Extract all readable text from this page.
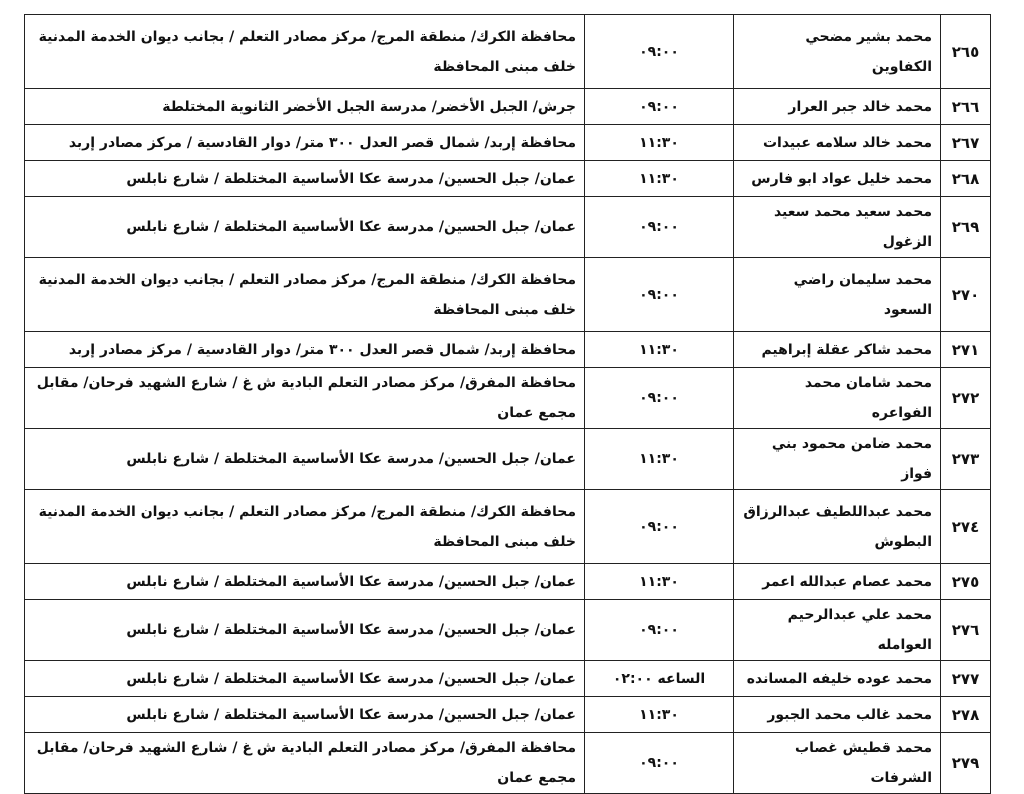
٢٦٥	محمد بشير مضحي الكفاوين	٠٩:٠٠	محافظة الكرك/ منطقة المرج/ مركز مصادر التعلم / بجانب ديوان الخدمة المدنية خلف مبنى المحافظة
٢٦٦	محمد خالد جبر العرار	٠٩:٠٠	جرش/ الجبل الأخضر/ مدرسة الجبل الأخضر الثانوية المختلطة
٢٦٧	محمد خالد سلامه عبيدات	١١:٣٠	محافظة إربد/ شمال قصر العدل ٣٠٠ متر/ دوار القادسية / مركز مصادر إربد
٢٦٨	محمد خليل عواد ابو فارس	١١:٣٠	عمان/ جبل الحسين/ مدرسة عكا الأساسية المختلطة / شارع نابلس
٢٦٩	محمد سعيد محمد سعيد الزغول	٠٩:٠٠	عمان/ جبل الحسين/ مدرسة عكا الأساسية المختلطة / شارع نابلس
٢٧٠	محمد سليمان راضي السعود	٠٩:٠٠	محافظة الكرك/ منطقة المرج/ مركز مصادر التعلم / بجانب ديوان الخدمة المدنية خلف مبنى المحافظة
٢٧١	محمد شاكر عقلة إبراهيم	١١:٣٠	محافظة إربد/ شمال قصر العدل ٣٠٠ متر/ دوار القادسية / مركز مصادر إربد
٢٧٢	محمد شامان محمد الفواعره	٠٩:٠٠	محافظة المفرق/ مركز مصادر التعلم البادية ش غ / شارع الشهيد فرحان/ مقابل مجمع عمان
٢٧٣	محمد ضامن محمود بني فواز	١١:٣٠	عمان/ جبل الحسين/ مدرسة عكا الأساسية المختلطة / شارع نابلس
٢٧٤	محمد عبداللطيف عبدالرزاق البطوش	٠٩:٠٠	محافظة الكرك/ منطقة المرج/ مركز مصادر التعلم / بجانب ديوان الخدمة المدنية خلف مبنى المحافظة
٢٧٥	محمد عصام عبدالله اعمر	١١:٣٠	عمان/ جبل الحسين/ مدرسة عكا الأساسية المختلطة / شارع نابلس
٢٧٦	محمد علي عبدالرحيم العوامله	٠٩:٠٠	عمان/ جبل الحسين/ مدرسة عكا الأساسية المختلطة / شارع نابلس
٢٧٧	محمد عوده خليفه المسانده	الساعه ٠٢:٠٠	عمان/ جبل الحسين/ مدرسة عكا الأساسية المختلطة / شارع نابلس
٢٧٨	محمد غالب محمد الجبور	١١:٣٠	عمان/ جبل الحسين/ مدرسة عكا الأساسية المختلطة / شارع نابلس
٢٧٩	محمد قطيش غصاب الشرفات	٠٩:٠٠	محافظة المفرق/ مركز مصادر التعلم البادية ش غ / شارع الشهيد فرحان/ مقابل مجمع عمان
